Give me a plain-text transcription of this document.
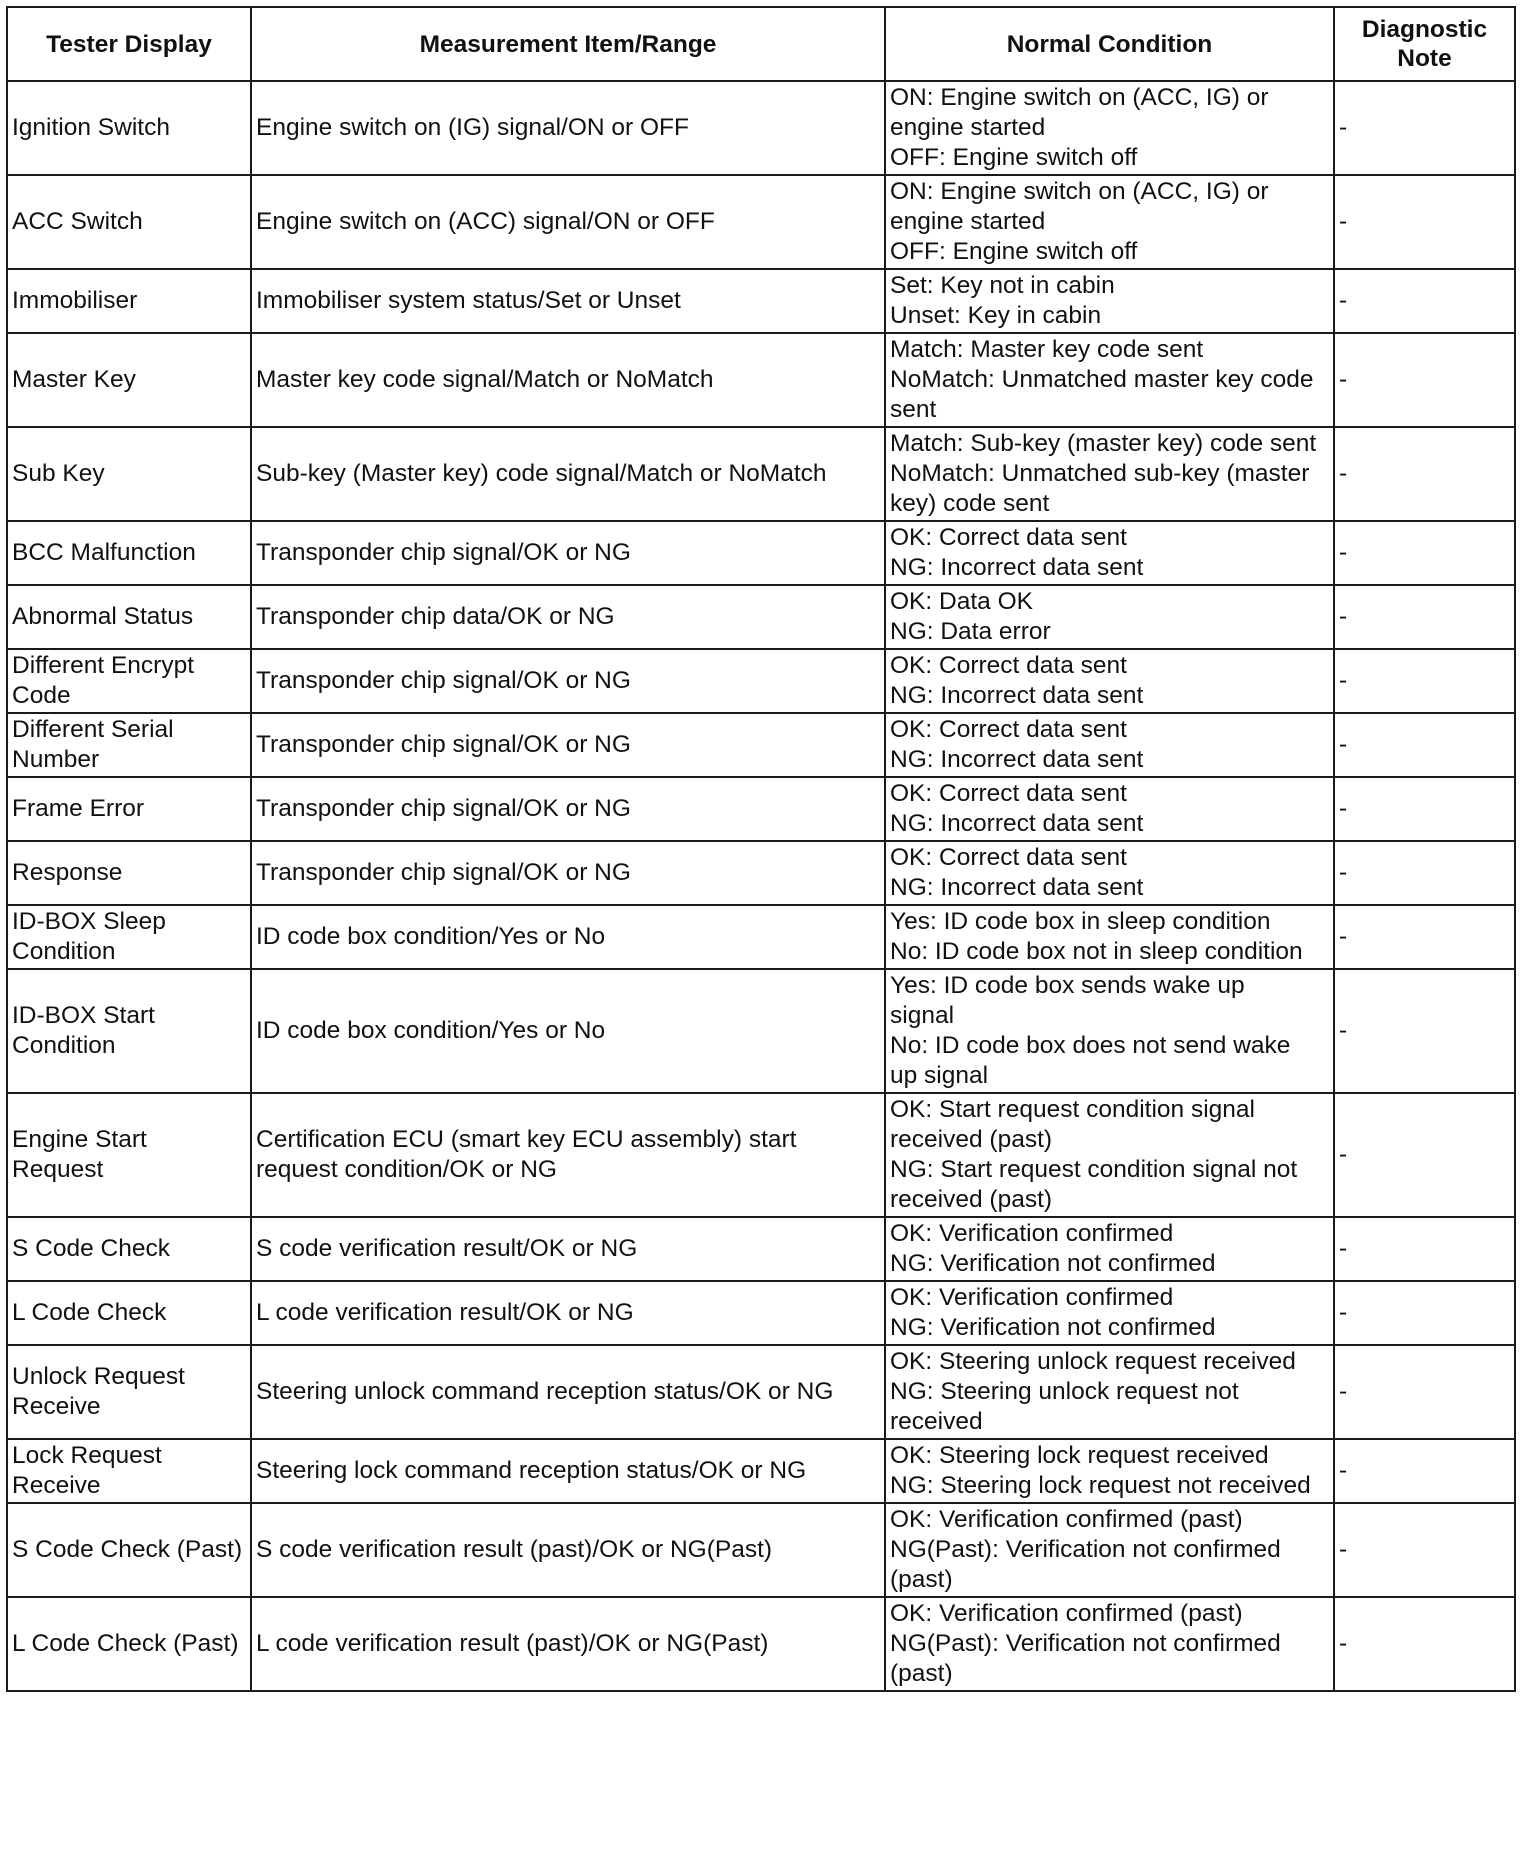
Tester Display	Measurement Item/Range	Normal Condition	Diagnostic
Note

Ignition Switch	Engine switch on (IG) signal/ON or OFF	ON: Engine switch on (ACC, IG) or
engine started
OFF: Engine switch off	-

ACC Switch	Engine switch on (ACC) signal/ON or OFF	ON: Engine switch on (ACC, IG) or
engine started
OFF: Engine switch off	-

Immobiliser	Immobiliser system status/Set or Unset	Set: Key not in cabin
Unset: Key in cabin	-

Master Key	Master key code signal/Match or NoMatch	Match: Master key code sent
NoMatch: Unmatched master key code
sent	-

Sub Key	Sub-key (Master key) code signal/Match or NoMatch	Match: Sub-key (master key) code sent
NoMatch: Unmatched sub-key (master
key) code sent	-

BCC Malfunction	Transponder chip signal/OK or NG	OK: Correct data sent
NG: Incorrect data sent	-

Abnormal Status	Transponder chip data/OK or NG	OK: Data OK
NG: Data error	-

Different Encrypt
Code	Transponder chip signal/OK or NG	OK: Correct data sent
NG: Incorrect data sent	-

Different Serial
Number	Transponder chip signal/OK or NG	OK: Correct data sent
NG: Incorrect data sent	-

Frame Error	Transponder chip signal/OK or NG	OK: Correct data sent
NG: Incorrect data sent	-

Response	Transponder chip signal/OK or NG	OK: Correct data sent
NG: Incorrect data sent	-

ID-BOX Sleep
Condition	ID code box condition/Yes or No	Yes: ID code box in sleep condition
No: ID code box not in sleep condition	-

ID-BOX Start
Condition	ID code box condition/Yes or No	Yes: ID code box sends wake up
signal
No: ID code box does not send wake
up signal	-

Engine Start
Request	Certification ECU (smart key ECU assembly) start
request condition/OK or NG	OK: Start request condition signal
received (past)
NG: Start request condition signal not
received (past)	-

S Code Check	S code verification result/OK or NG	OK: Verification confirmed
NG: Verification not confirmed	-

L Code Check	L code verification result/OK or NG	OK: Verification confirmed
NG: Verification not confirmed	-

Unlock Request
Receive	Steering unlock command reception status/OK or NG	OK: Steering unlock request received
NG: Steering unlock request not
received	-

Lock Request
Receive	Steering lock command reception status/OK or NG	OK: Steering lock request received
NG: Steering lock request not received	-

S Code Check (Past)	S code verification result (past)/OK or NG(Past)	OK: Verification confirmed (past)
NG(Past): Verification not confirmed
(past)	-

L Code Check (Past)	L code verification result (past)/OK or NG(Past)	OK: Verification confirmed (past)
NG(Past): Verification not confirmed
(past)	-
